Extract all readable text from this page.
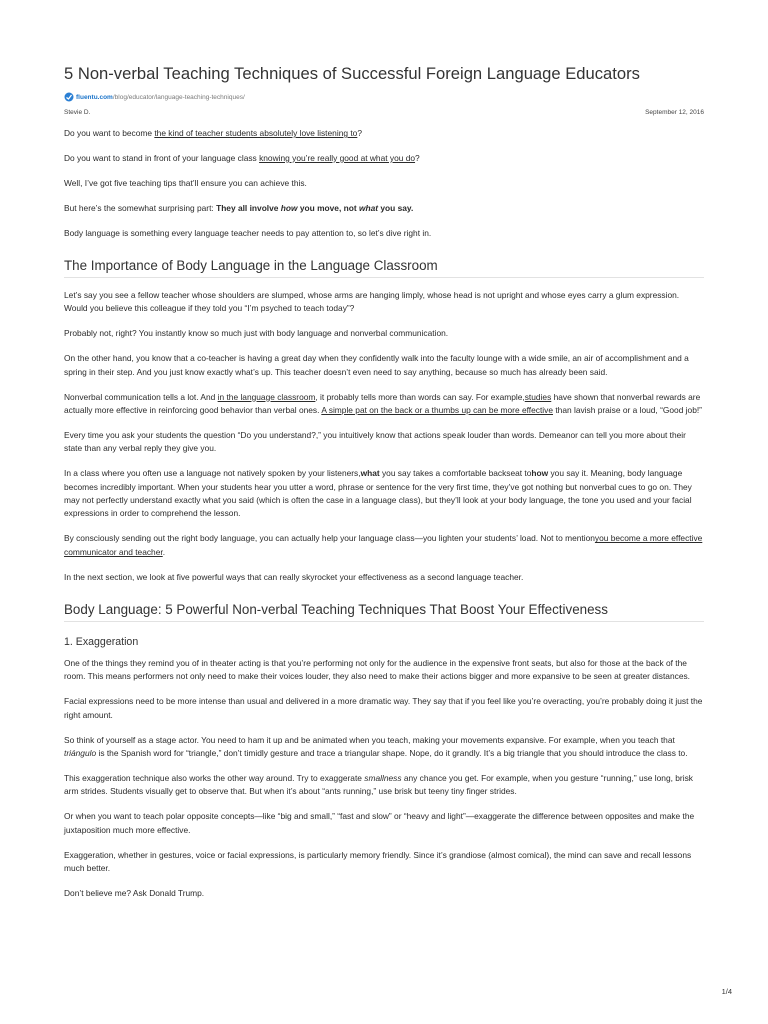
5 Non-verbal Teaching Techniques of Successful Foreign Language Educators
fluentu.com/blog/educator/language-teaching-techniques/
Stevie D.	September 12, 2016

Do you want to become the kind of teacher students absolutely love listening to?

Do you want to stand in front of your language class knowing you’re really good at what you do?

Well, I’ve got five teaching tips that’ll ensure you can achieve this.

But here’s the somewhat surprising part: They all involve how you move, not what you say.

Body language is something every language teacher needs to pay attention to, so let’s dive right in.

The Importance of Body Language in the Language Classroom

Let’s say you see a fellow teacher whose shoulders are slumped, whose arms are hanging limply, whose head is not upright and whose eyes carry a glum expression. Would you believe this colleague if they told you “I’m psyched to teach today”?

Probably not, right? You instantly know so much just with body language and nonverbal communication.

On the other hand, you know that a co-teacher is having a great day when they confidently walk into the faculty lounge with a wide smile, an air of accomplishment and a spring in their step. And you just know exactly what’s up. This teacher doesn’t even need to say anything, because so much has already been said.

Nonverbal communication tells a lot. And in the language classroom, it probably tells more than words can say. For example,studies have shown that nonverbal rewards are actually more effective in reinforcing good behavior than verbal ones. A simple pat on the back or a thumbs up can be more effective than lavish praise or a loud, “Good job!”

Every time you ask your students the question “Do you understand?,” you intuitively know that actions speak louder than words. Demeanor can tell you more about their state than any verbal reply they give you.

In a class where you often use a language not natively spoken by your listeners,what you say takes a comfortable backseat tohow you say it. Meaning, body language becomes incredibly important. When your students hear you utter a word, phrase or sentence for the very first time, they’ve got nothing but nonverbal cues to go on. They may not perfectly understand exactly what you said (which is often the case in a language class), but they’ll look at your body language, the tone you used and your facial expressions in order to comprehend the lesson.

By consciously sending out the right body language, you can actually help your language class—you lighten your students’ load. Not to mentionyou become a more effective communicator and teacher.

In the next section, we look at five powerful ways that can really skyrocket your effectiveness as a second language teacher.

Body Language: 5 Powerful Non-verbal Teaching Techniques That Boost Your Effectiveness
1. Exaggeration

One of the things they remind you of in theater acting is that you’re performing not only for the audience in the expensive front seats, but also for those at the back of the room. This means performers not only need to make their voices louder, they also need to make their actions bigger and more expansive to be seen at greater distances.

Facial expressions need to be more intense than usual and delivered in a more dramatic way. They say that if you feel like you’re overacting, you’re probably doing it just the right amount.

So think of yourself as a stage actor. You need to ham it up and be animated when you teach, making your movements expansive. For example, when you teach that triángulo is the Spanish word for “triangle,” don’t timidly gesture and trace a triangular shape. Nope, do it grandly. It’s a big triangle that you should introduce the class to.

This exaggeration technique also works the other way around. Try to exaggerate smallness any chance you get. For example, when you gesture “running,” use long, brisk arm strides. Students visually get to observe that. But when it’s about “ants running,” use brisk but teeny tiny finger strides.

Or when you want to teach polar opposite concepts—like “big and small,” “fast and slow” or “heavy and light”—exaggerate the difference between opposites and make the juxtaposition much more effective.

Exaggeration, whether in gestures, voice or facial expressions, is particularly memory friendly. Since it’s grandiose (almost comical), the mind can save and recall lessons much better.

Don’t believe me? Ask Donald Trump.

1/4
